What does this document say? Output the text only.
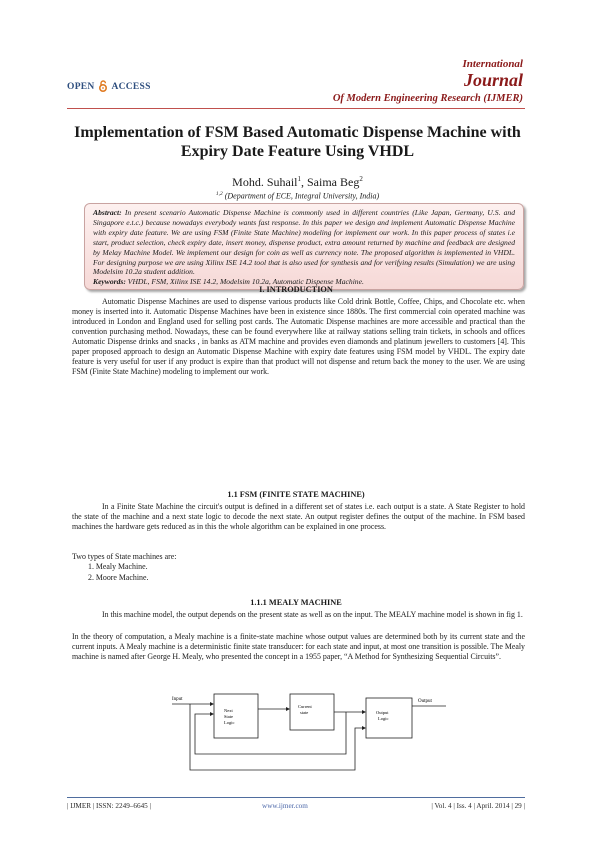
OPEN ACCESS
International
Journal
Of Modern Engineering Research (IJMER)
Implementation of FSM Based Automatic Dispense Machine with
Expiry Date Feature Using VHDL
Mohd. Suhail$^1$, Saima Beg$^2$
$^{1,2}$ (Department of ECE, Integral University, India)
Abstract: In present scenario Automatic Dispense Machine is commonly used in different countries (Like Japan, Germany, U.S. and Singapore e.t.c.) because nowadays everybody wants fast response. In this paper we design and implement Automatic Dispense Machine with expiry date feature. We are using FSM (Finite State Machine) modeling for implement our work. In this paper process of states i.e start, product selection, check expiry date, insert money, dispense product, extra amount returned by machine and feedback are designed by Melay Machine Model. We implement our design for coin as well as currency note. The proposed algorithm is implemented in VHDL. For designing purpose we are using Xilinx ISE 14.2 tool that is also used for synthesis and for verifying results (Simulation) we are using Modelsim 10.2a student addition.
Keywords: VHDL, FSM, Xilinx ISE 14.2, Modelsim 10.2a, Automatic Dispense Machine.
I. INTRODUCTION
Automatic Dispense Machines are used to dispense various products like Cold drink Bottle, Coffee, Chips, and Chocolate etc. when money is inserted into it. Automatic Dispense Machines have been in existence since 1880s. The first commercial coin operated machine was introduced in London and England used for selling post cards. The Automatic Dispense machines are more accessible and practical than the convention purchasing method. Nowadays, these can be found everywhere like at railway stations selling train tickets, in schools and offices Automatic Dispense drinks and snacks , in banks as ATM machine and provides even diamonds and platinum jewellers to customers [4]. This paper proposed approach to design an Automatic Dispense Machine with expiry date features using FSM model by VHDL. The expiry date feature is very useful for user if any product is expire than that product will not dispense and return back the money to the user. We are using FSM (Finite State Machine) modeling to implement our work.
1.1 FSM (FINITE STATE MACHINE)
In a Finite State Machine the circuit's output is defined in a different set of states i.e. each output is a state. A State Register to hold the state of the machine and a next state logic to decode the next state. An output register defines the output of the machine. In FSM based machines the hardware gets reduced as in this the whole algorithm can be explained in one process.
Two types of State machines are:
1. Mealy Machine.
2. Moore Machine.
1.1.1 MEALY MACHINE
In this machine model, the output depends on the present state as well as on the input. The MEALY machine model is shown in fig 1.
In the theory of computation, a Mealy machine is a finite-state machine whose output values are determined both by its current state and the current inputs. A Mealy machine is a deterministic finite state transducer: for each state and input, at most one transition is possible. The Mealy machine is named after George H. Mealy, who presented the concept in a 1955 paper, “A Method for Synthesizing Sequential Circuits”.
Input
Next
State
Logic
Current
state	Output
Logic
Output
| IJMER | ISSN: 2249–6645 |	www.ijmer.com	| Vol. 4 | Iss. 4 | April. 2014 | 29 |
